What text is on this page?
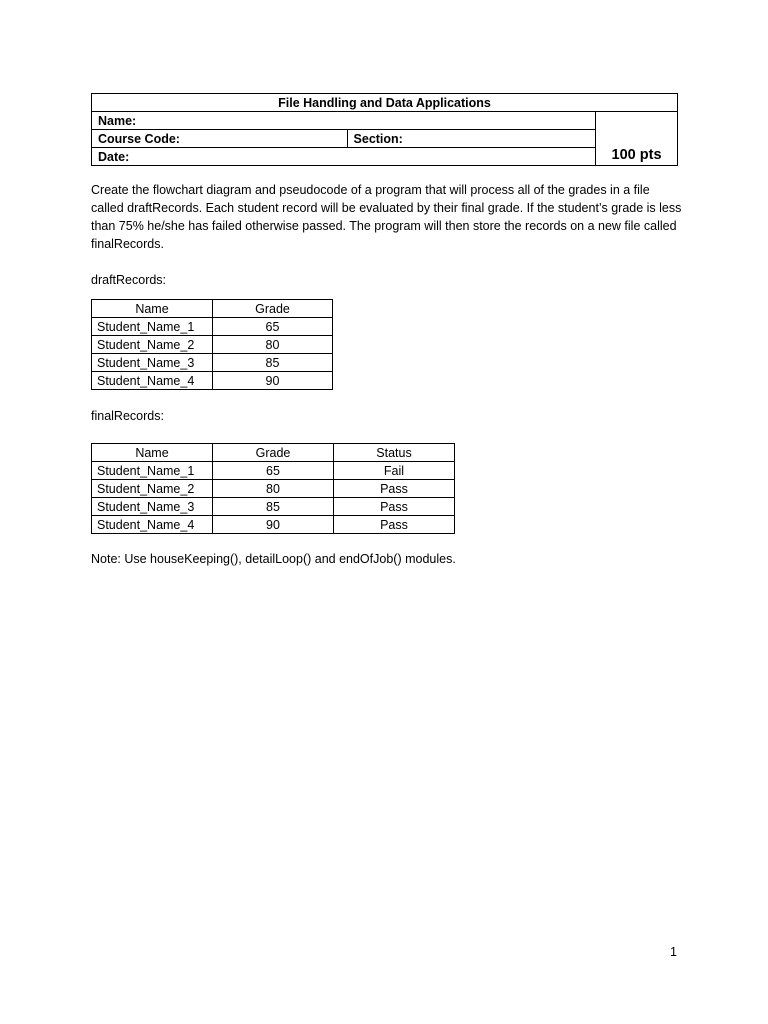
File Handling and Data Applications		
Name:		100 pts
Course Code:	Section:	
Date:		

Create the flowchart diagram and pseudocode of a program that will process all of the grades in a file called draftRecords. Each student record will be evaluated by their final grade. If the student’s grade is less than 75% he/she has failed otherwise passed. The program will then store the records on a new file called finalRecords.

draftRecords:

Name	Grade
Student_Name_1	65
Student_Name_2	80
Student_Name_3	85
Student_Name_4	90

finalRecords:

Name	Grade	Status
Student_Name_1	65	Fail
Student_Name_2	80	Pass
Student_Name_3	85	Pass
Student_Name_4	90	Pass

Note: Use houseKeeping(), detailLoop() and endOfJob() modules.

1
